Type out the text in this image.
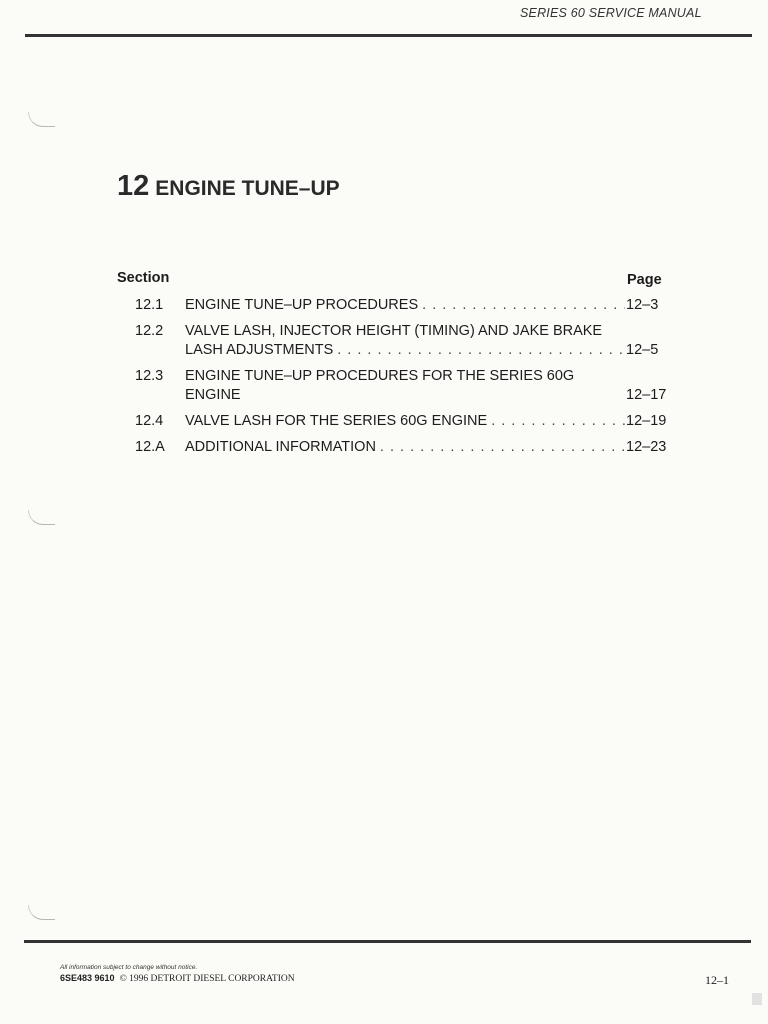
SERIES 60 SERVICE MANUAL
12 ENGINE TUNE–UP
Section	Page
12.1 ENGINE TUNE–UP PROCEDURES . . .	12–3
12.2 VALVE LASH, INJECTOR HEIGHT (TIMING) AND JAKE BRAKE
LASH ADJUSTMENTS . . .	12–5
12.3 ENGINE TUNE–UP PROCEDURES FOR THE SERIES 60G
ENGINE	12–17
12.4 VALVE LASH FOR THE SERIES 60G ENGINE . . .	12–19
12.A ADDITIONAL INFORMATION . . .	12–23
All information subject to change without notice.
6SE483 9610 © 1996 DETROIT DIESEL CORPORATION	12–1
